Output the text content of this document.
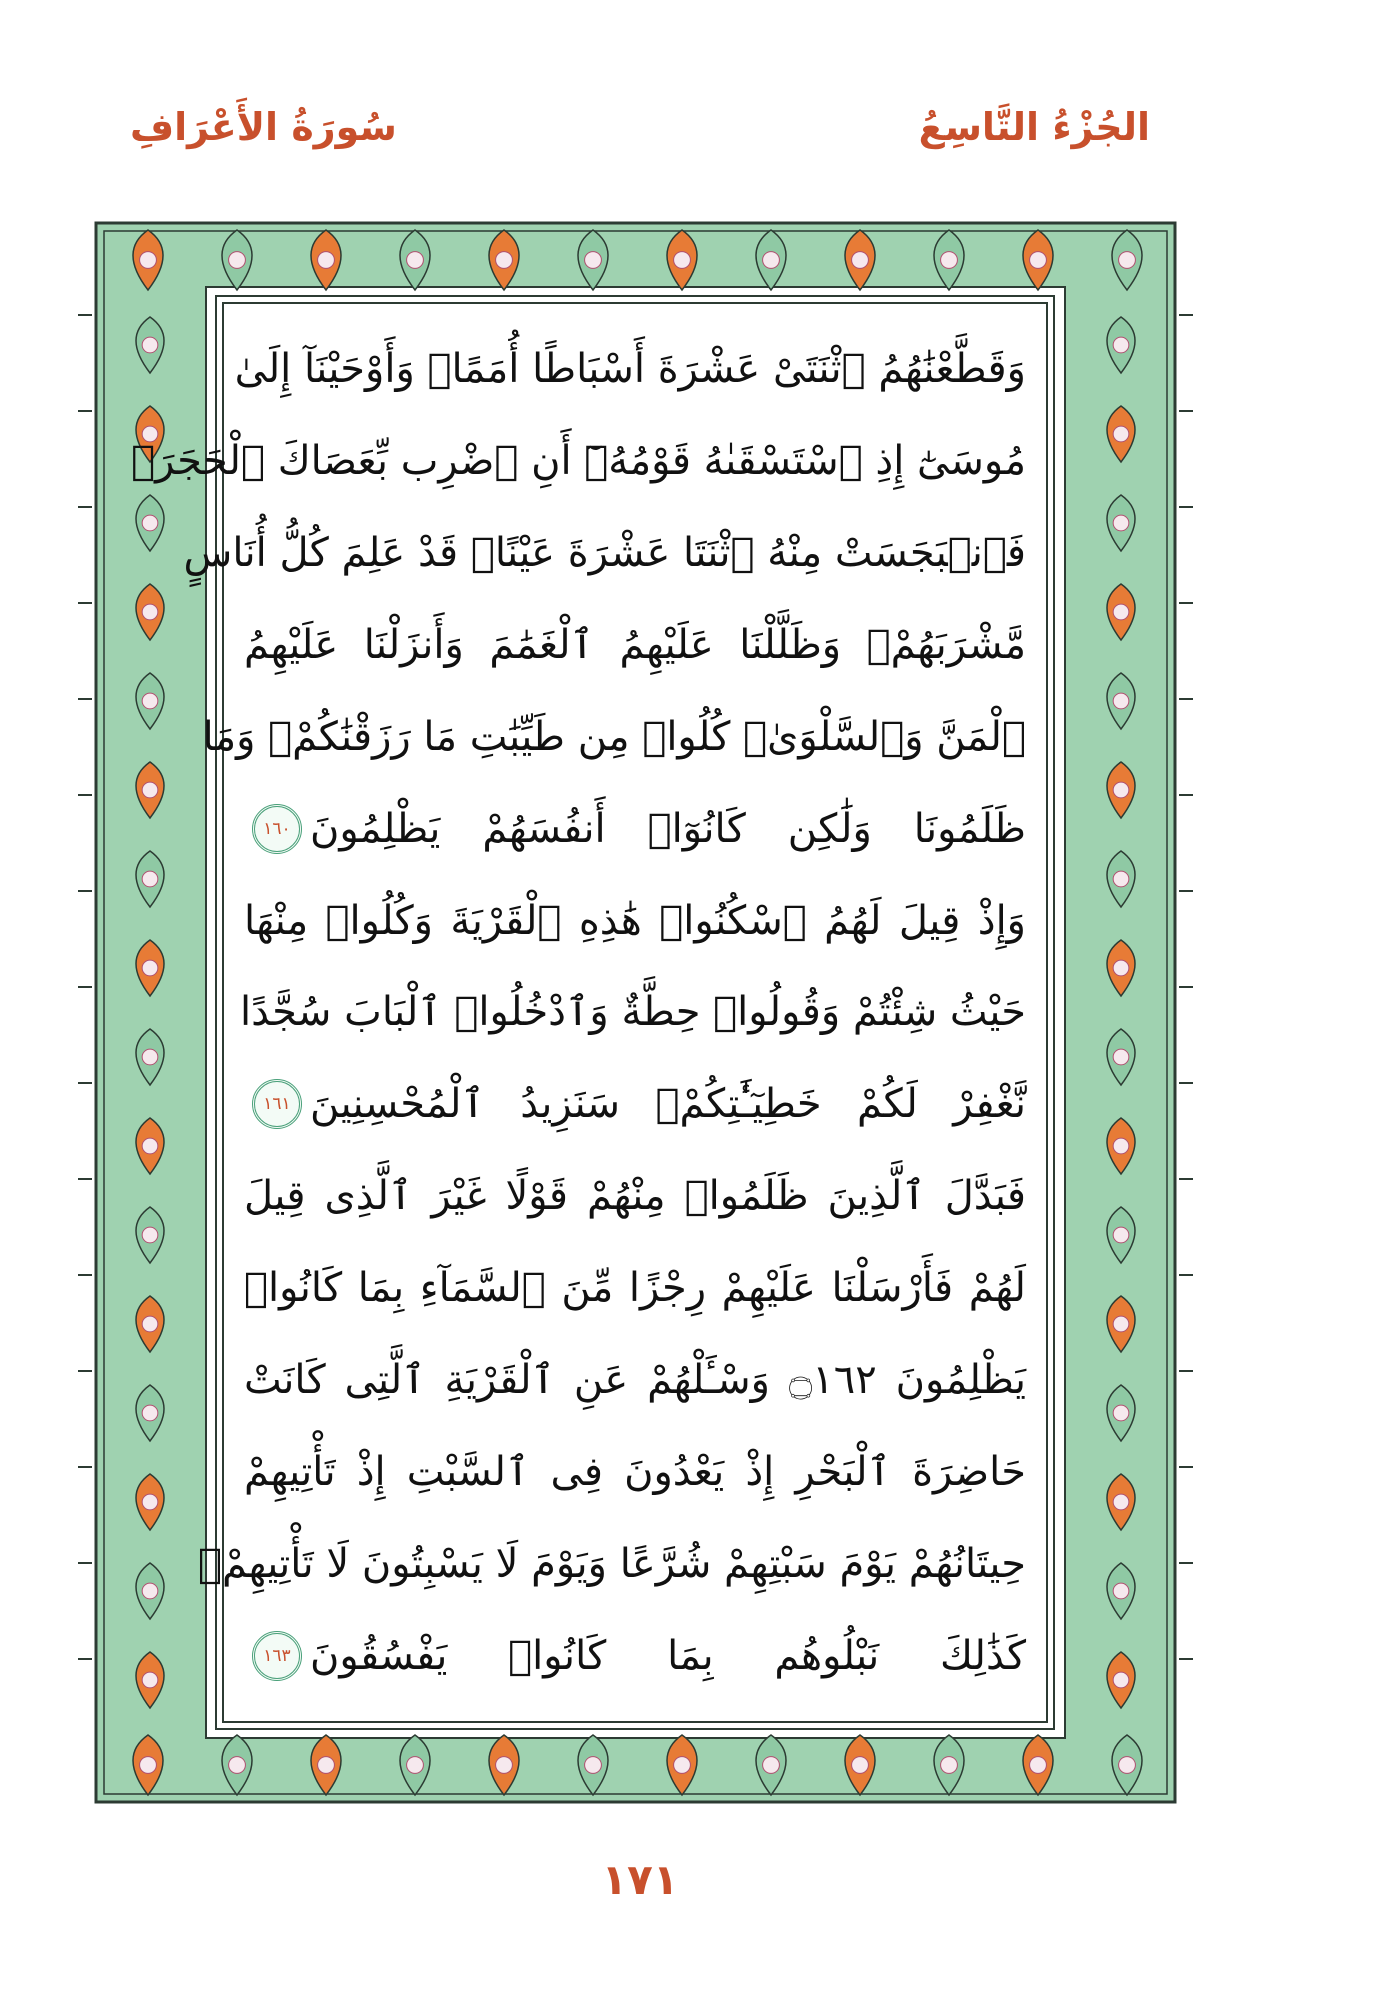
الجُزْءُ التَّاسِعُ
سُورَةُ الأَعْرَافِ
وَقَطَّعْنَٰهُمُ ٱثْنَتَىْ عَشْرَةَ أَسْبَاطًا أُمَمًاۚ وَأَوْحَيْنَآ إِلَىٰ
مُوسَىٰٓ إِذِ ٱسْتَسْقَىٰهُ قَوْمُهُۥٓ أَنِ ٱضْرِب بِّعَصَاكَ ٱلْحَجَرَۖ
فَٱنۢبَجَسَتْ مِنْهُ ٱثْنَتَا عَشْرَةَ عَيْنًاۖ قَدْ عَلِمَ كُلُّ أُنَاسٍ
مَّشْرَبَهُمْۚ وَظَلَّلْنَا عَلَيْهِمُ ٱلْغَمَٰمَ وَأَنزَلْنَا عَلَيْهِمُ
ٱلْمَنَّ وَٱلسَّلْوَىٰۖ كُلُوا۟ مِن طَيِّبَٰتِ مَا رَزَقْنَٰكُمْۚ وَمَا
ظَلَمُونَا وَلَٰكِن كَانُوٓا۟ أَنفُسَهُمْ يَظْلِمُونَ
١٦٠
وَإِذْ قِيلَ لَهُمُ ٱسْكُنُوا۟ هَٰذِهِ ٱلْقَرْيَةَ وَكُلُوا۟ مِنْهَا
حَيْثُ شِئْتُمْ وَقُولُوا۟ حِطَّةٌ وَٱدْخُلُوا۟ ٱلْبَابَ سُجَّدًا
نَّغْفِرْ لَكُمْ خَطِيٓـَٰٔتِكُمْۚ سَنَزِيدُ ٱلْمُحْسِنِينَ
١٦١
فَبَدَّلَ ٱلَّذِينَ ظَلَمُوا۟ مِنْهُمْ قَوْلًا غَيْرَ ٱلَّذِى قِيلَ
لَهُمْ فَأَرْسَلْنَا عَلَيْهِمْ رِجْزًا مِّنَ ٱلسَّمَآءِ بِمَا كَانُوا۟
يَظْلِمُونَ ۝١٦٢ وَسْـَٔلْهُمْ عَنِ ٱلْقَرْيَةِ ٱلَّتِى كَانَتْ
حَاضِرَةَ ٱلْبَحْرِ إِذْ يَعْدُونَ فِى ٱلسَّبْتِ إِذْ تَأْتِيهِمْ
حِيتَانُهُمْ يَوْمَ سَبْتِهِمْ شُرَّعًا وَيَوْمَ لَا يَسْبِتُونَ لَا تَأْتِيهِمْۚ
كَذَٰلِكَ نَبْلُوهُم بِمَا كَانُوا۟ يَفْسُقُونَ
١٦٣
١٧١
